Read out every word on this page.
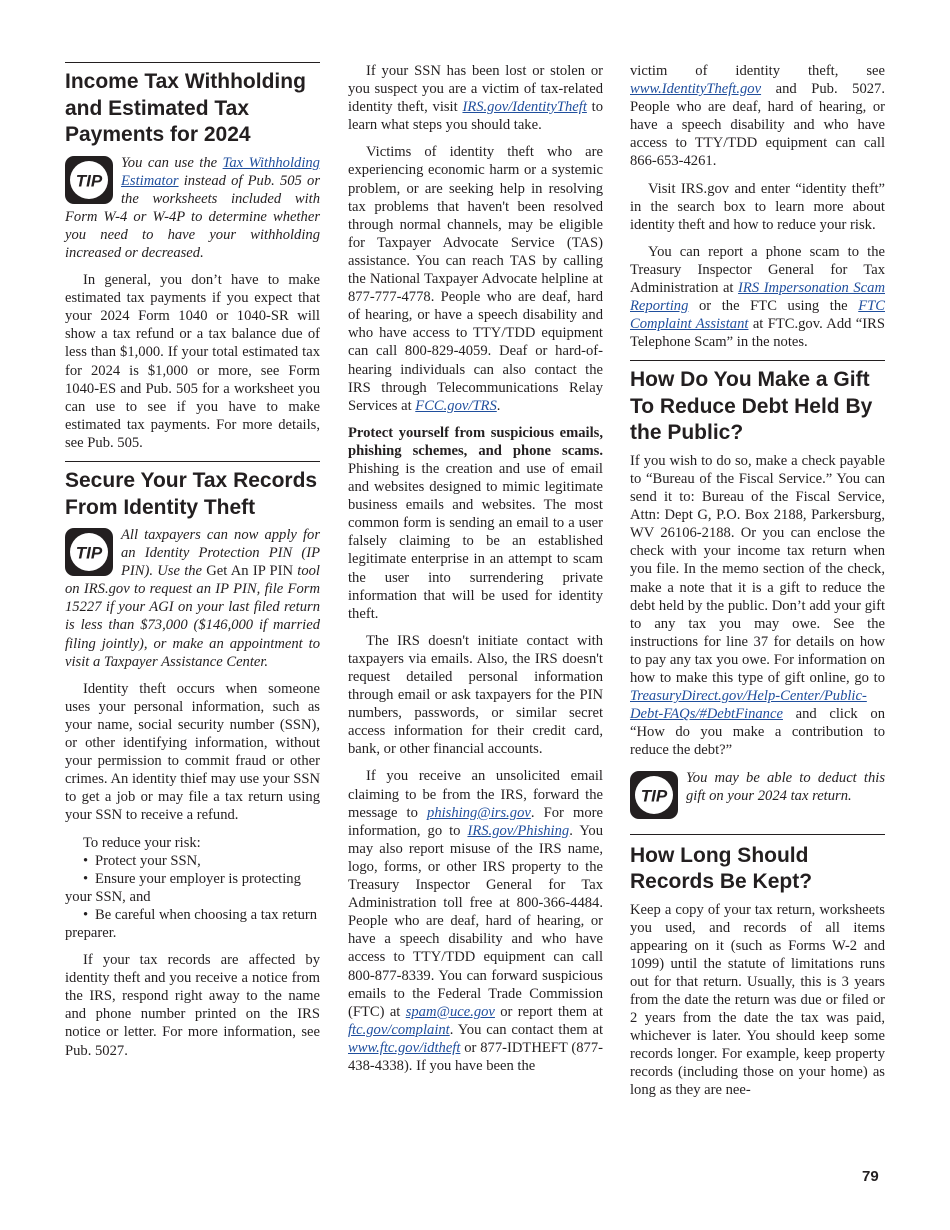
Income Tax Withholding and Estimated Tax Payments for 2024
TIP
You can use the Tax Withholding Estimator instead of Pub. 505 or the worksheets included with Form W-4 or W-4P to determine whether you need to have your withholding increased or decreased.

In general, you don’t have to make estimated tax payments if you expect that your 2024 Form 1040 or 1040-SR will show a tax refund or a tax balance due of less than $1,000. If your total estimated tax for 2024 is $1,000 or more, see Form 1040-ES and Pub. 505 for a worksheet you can use to see if you have to make estimated tax payments. For more details, see Pub. 505.

Secure Your Tax Records From Identity Theft
TIP
All taxpayers can now apply for an Identity Protection PIN (IP PIN). Use the Get An IP PIN tool on IRS.gov to request an IP PIN, file Form 15227 if your AGI on your last filed return is less than $73,000 ($146,000 if married filing jointly), or make an appointment to visit a Taxpayer Assistance Center.

Identity theft occurs when someone uses your personal information, such as your name, social security number (SSN), or other identifying information, without your permission to commit fraud or other crimes. An identity thief may use your SSN to get a job or may file a tax return using your SSN to receive a refund.

To reduce your risk:
• Protect your SSN,
• Ensure your employer is protecting your SSN, and
• Be careful when choosing a tax return preparer.

If your tax records are affected by identity theft and you receive a notice from the IRS, respond right away to the name and phone number printed on the IRS notice or letter. For more information, see Pub. 5027.

If your SSN has been lost or stolen or you suspect you are a victim of tax-related identity theft, visit IRS.gov/IdentityTheft to learn what steps you should take.

Victims of identity theft who are experiencing economic harm or a systemic problem, or are seeking help in resolving tax problems that haven't been resolved through normal channels, may be eligible for Taxpayer Advocate Service (TAS) assistance. You can reach TAS by calling the National Taxpayer Advocate helpline at 877-777-4778. People who are deaf, hard of hearing, or have a speech disability and who have access to TTY/TDD equipment can call 800-829-4059. Deaf or hard-of-hearing individuals can also contact the IRS through Telecommunications Relay Services at FCC.gov/TRS.

Protect yourself from suspicious emails, phishing schemes, and phone scams. Phishing is the creation and use of email and websites designed to mimic legitimate business emails and websites. The most common form is sending an email to a user falsely claiming to be an established legitimate enterprise in an attempt to scam the user into surrendering private information that will be used for identity theft.

The IRS doesn't initiate contact with taxpayers via emails. Also, the IRS doesn't request detailed personal information through email or ask taxpayers for the PIN numbers, passwords, or similar secret access information for their credit card, bank, or other financial accounts.

If you receive an unsolicited email claiming to be from the IRS, forward the message to phishing@irs.gov. For more information, go to IRS.gov/Phishing. You may also report misuse of the IRS name, logo, forms, or other IRS property to the Treasury Inspector General for Tax Administration toll free at 800-366-4484. People who are deaf, hard of hearing, or have a speech disability and who have access to TTY/TDD equipment can call 800-877-8339. You can forward suspicious emails to the Federal Trade Commission (FTC) at spam@uce.gov or report them at ftc.gov/complaint. You can contact them at www.ftc.gov/idtheft or 877-IDTHEFT (877-438-4338). If you have been the

victim of identity theft, see www.IdentityTheft.gov and Pub. 5027. People who are deaf, hard of hearing, or have a speech disability and who have access to TTY/TDD equipment can call 866-653-4261.

Visit IRS.gov and enter “identity theft” in the search box to learn more about identity theft and how to reduce your risk.

You can report a phone scam to the Treasury Inspector General for Tax Administration at IRS Impersonation Scam Reporting or the FTC using the FTC Complaint Assistant at FTC.gov. Add “IRS Telephone Scam” in the notes.

How Do You Make a Gift To Reduce Debt Held By the Public?

If you wish to do so, make a check payable to “Bureau of the Fiscal Service.” You can send it to: Bureau of the Fiscal Service, Attn: Dept G, P.O. Box 2188, Parkersburg, WV 26106-2188. Or you can enclose the check with your income tax return when you file. In the memo section of the check, make a note that it is a gift to reduce the debt held by the public. Don’t add your gift to any tax you may owe. See the instructions for line 37 for details on how to pay any tax you owe. For information on how to make this type of gift online, go to TreasuryDirect.gov/Help-Center/Public-Debt-FAQs/#DebtFinance and click on “How do you make a contribution to reduce the debt?”

TIP
You may be able to deduct this gift on your 2024 tax return.
How Long Should Records Be Kept?

Keep a copy of your tax return, worksheets you used, and records of all items appearing on it (such as Forms W-2 and 1099) until the statute of limitations runs out for that return. Usually, this is 3 years from the date the return was due or filed or 2 years from the date the tax was paid, whichever is later. You should keep some records longer. For example, keep property records (including those on your home) as long as they are nee-

79
